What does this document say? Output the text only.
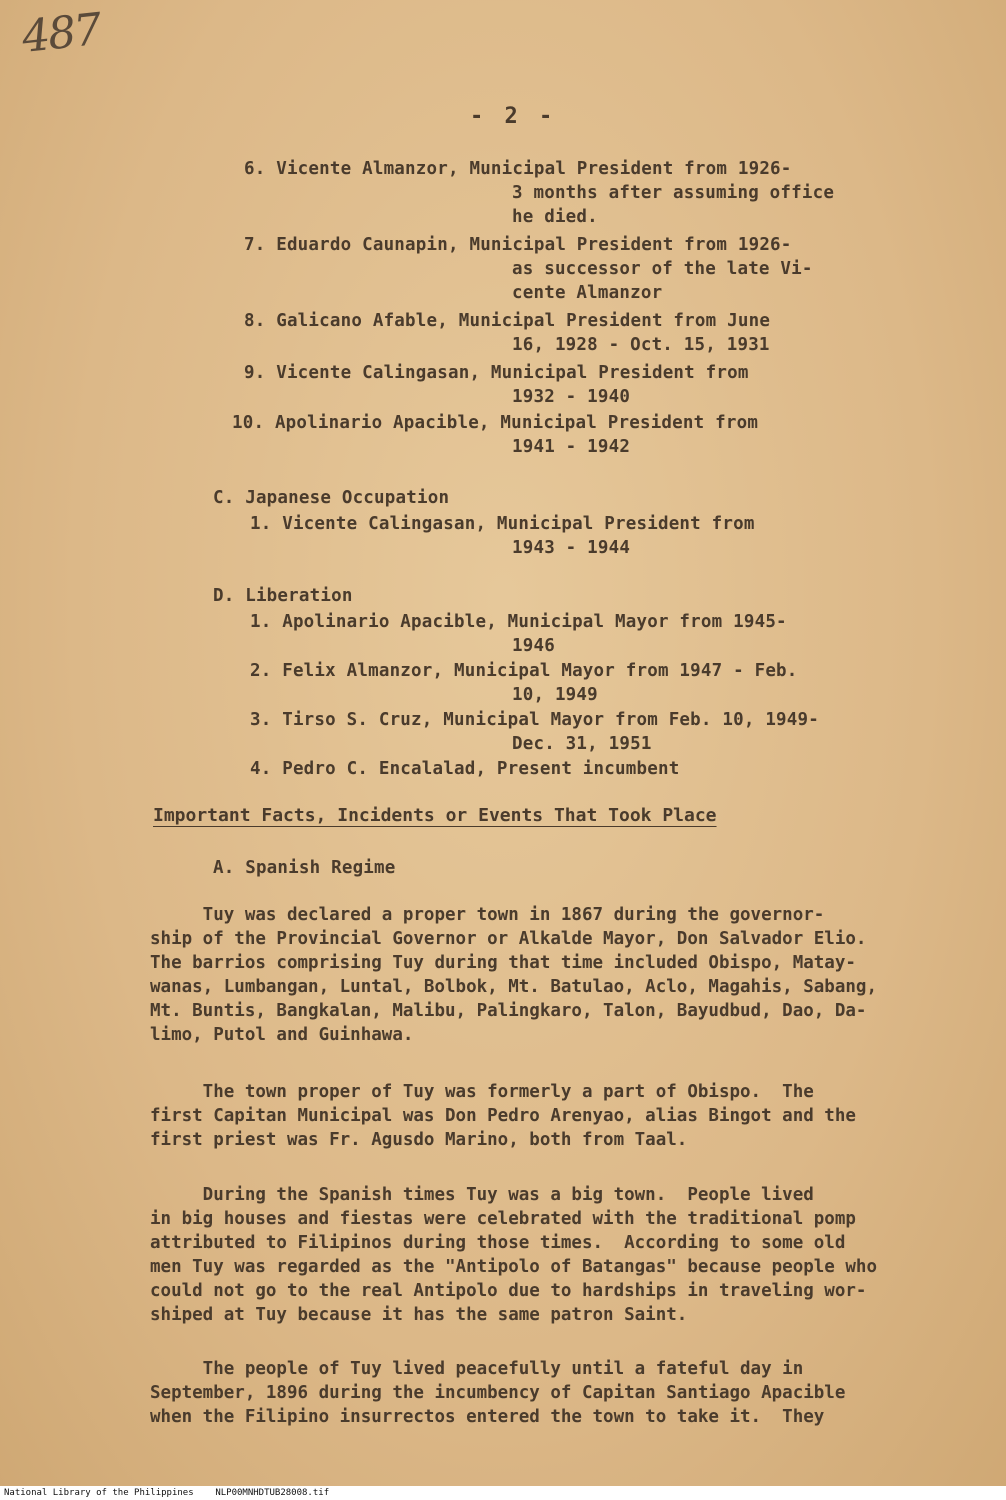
487
- 2 -
6. Vicente Almanzor, Municipal President from 1926-
3 months after assuming office
he died.
7. Eduardo Caunapin, Municipal President from 1926-
as successor of the late Vi-
cente Almanzor
8. Galicano Afable, Municipal President from June
16, 1928 - Oct. 15, 1931
9. Vicente Calingasan, Municipal President from
1932 - 1940
10. Apolinario Apacible, Municipal President from
1941 - 1942
C. Japanese Occupation
1. Vicente Calingasan, Municipal President from
1943 - 1944
D. Liberation
1. Apolinario Apacible, Municipal Mayor from 1945-
1946
2. Felix Almanzor, Municipal Mayor from 1947 - Feb.
10, 1949
3. Tirso S. Cruz, Municipal Mayor from Feb. 10, 1949-
Dec. 31, 1951
4. Pedro C. Encalalad, Present incumbent
Important Facts, Incidents or Events That Took Place
A. Spanish Regime
Tuy was declared a proper town in 1867 during the governor-
ship of the Provincial Governor or Alkalde Mayor, Don Salvador Elio.
The barrios comprising Tuy during that time included Obispo, Matay-
wanas, Lumbangan, Luntal, Bolbok, Mt. Batulao, Aclo, Magahis, Sabang,
Mt. Buntis, Bangkalan, Malibu, Palingkaro, Talon, Bayudbud, Dao, Da-
limo, Putol and Guinhawa.
The town proper of Tuy was formerly a part of Obispo.  The
first Capitan Municipal was Don Pedro Arenyao, alias Bingot and the
first priest was Fr. Agusdo Marino, both from Taal.
During the Spanish times Tuy was a big town.  People lived
in big houses and fiestas were celebrated with the traditional pomp
attributed to Filipinos during those times.  According to some old
men Tuy was regarded as the "Antipolo of Batangas" because people who
could not go to the real Antipolo due to hardships in traveling wor-
shiped at Tuy because it has the same patron Saint.
The people of Tuy lived peacefully until a fateful day in
September, 1896 during the incumbency of Capitan Santiago Apacible
when the Filipino insurrectos entered the town to take it.  They
National Library of the Philippines    NLP00MNHDTUB28008.tif
